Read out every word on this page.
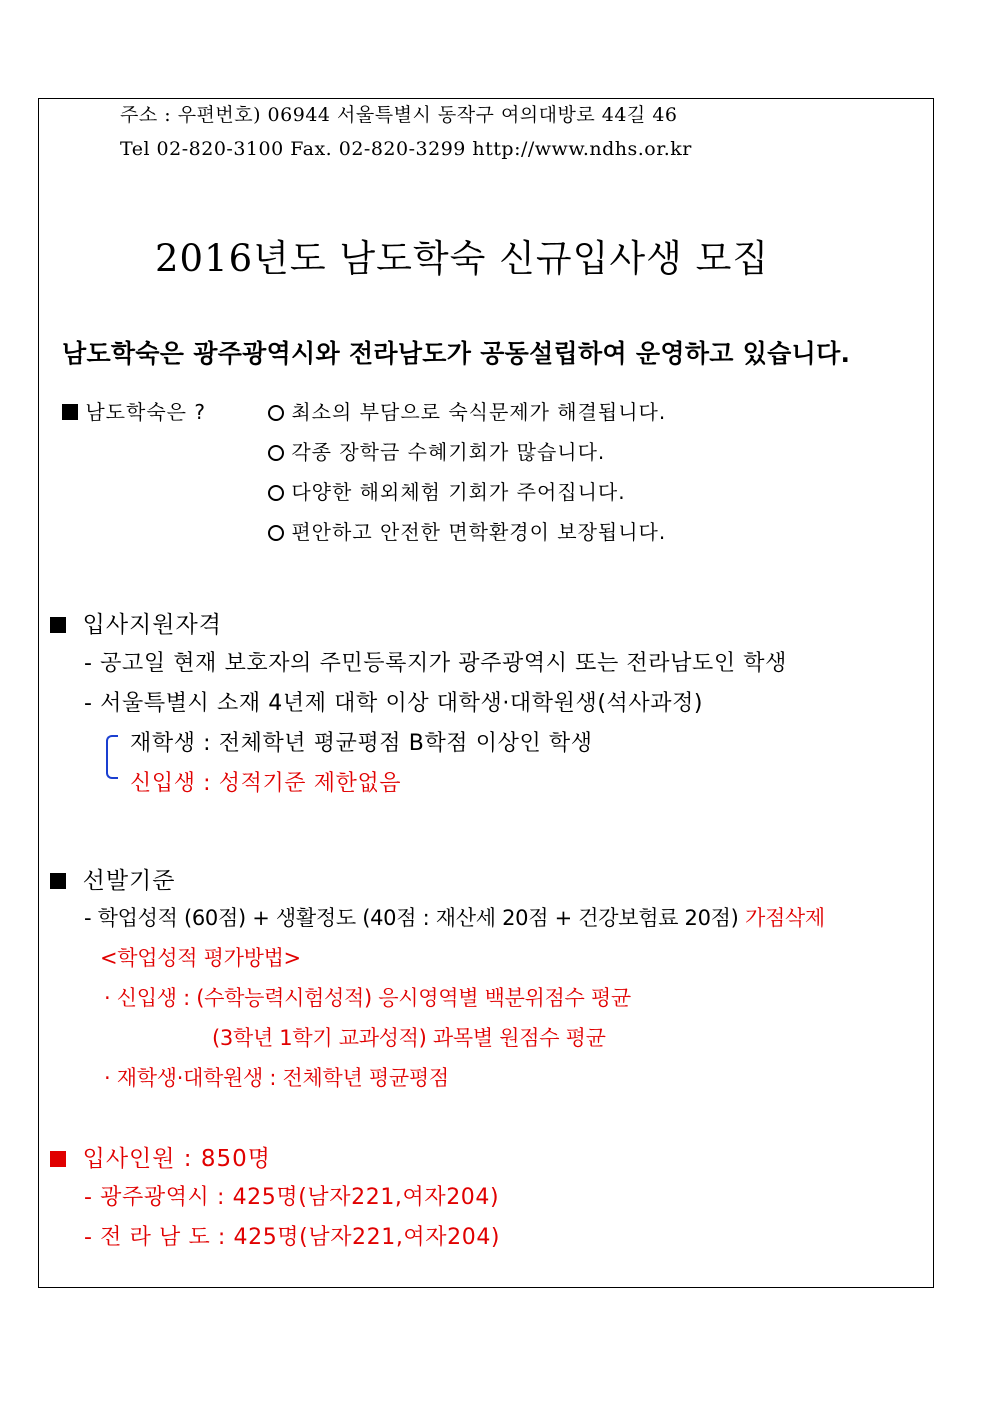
주소 : 우편번호) 06944 서울특별시 동작구 여의대방로 44길 46
Tel 02-820-3100 Fax. 02-820-3299 http://www.ndhs.or.kr
2016년도 남도학숙 신규입사생 모집
남도학숙은 광주광역시와 전라남도가 공동설립하여 운영하고 있습니다.
남도학숙은 ?	최소의 부담으로 숙식문제가 해결됩니다.
각종 장학금 수혜기회가 많습니다.
다양한 해외체험 기회가 주어집니다.
편안하고 안전한 면학환경이 보장됩니다.
입사지원자격
- 공고일 현재 보호자의 주민등록지가 광주광역시 또는 전라남도인 학생
- 서울특별시 소재 4년제 대학 이상 대학생·대학원생(석사과정)
재학생 : 전체학년 평균평점 B학점 이상인 학생
신입생 : 성적기준 제한없음
선발기준
- 학업성적 (60점) + 생활정도 (40점 : 재산세 20점 + 건강보험료 20점) 가점삭제
<학업성적 평가방법>
· 신입생 : (수학능력시험성적) 응시영역별 백분위점수 평균
(3학년 1학기 교과성적) 과목별 원점수 평균
· 재학생·대학원생 : 전체학년 평균평점
입사인원 : 850명
- 광주광역시 : 425명(남자221,여자204)
- 전 라 남 도 : 425명(남자221,여자204)
